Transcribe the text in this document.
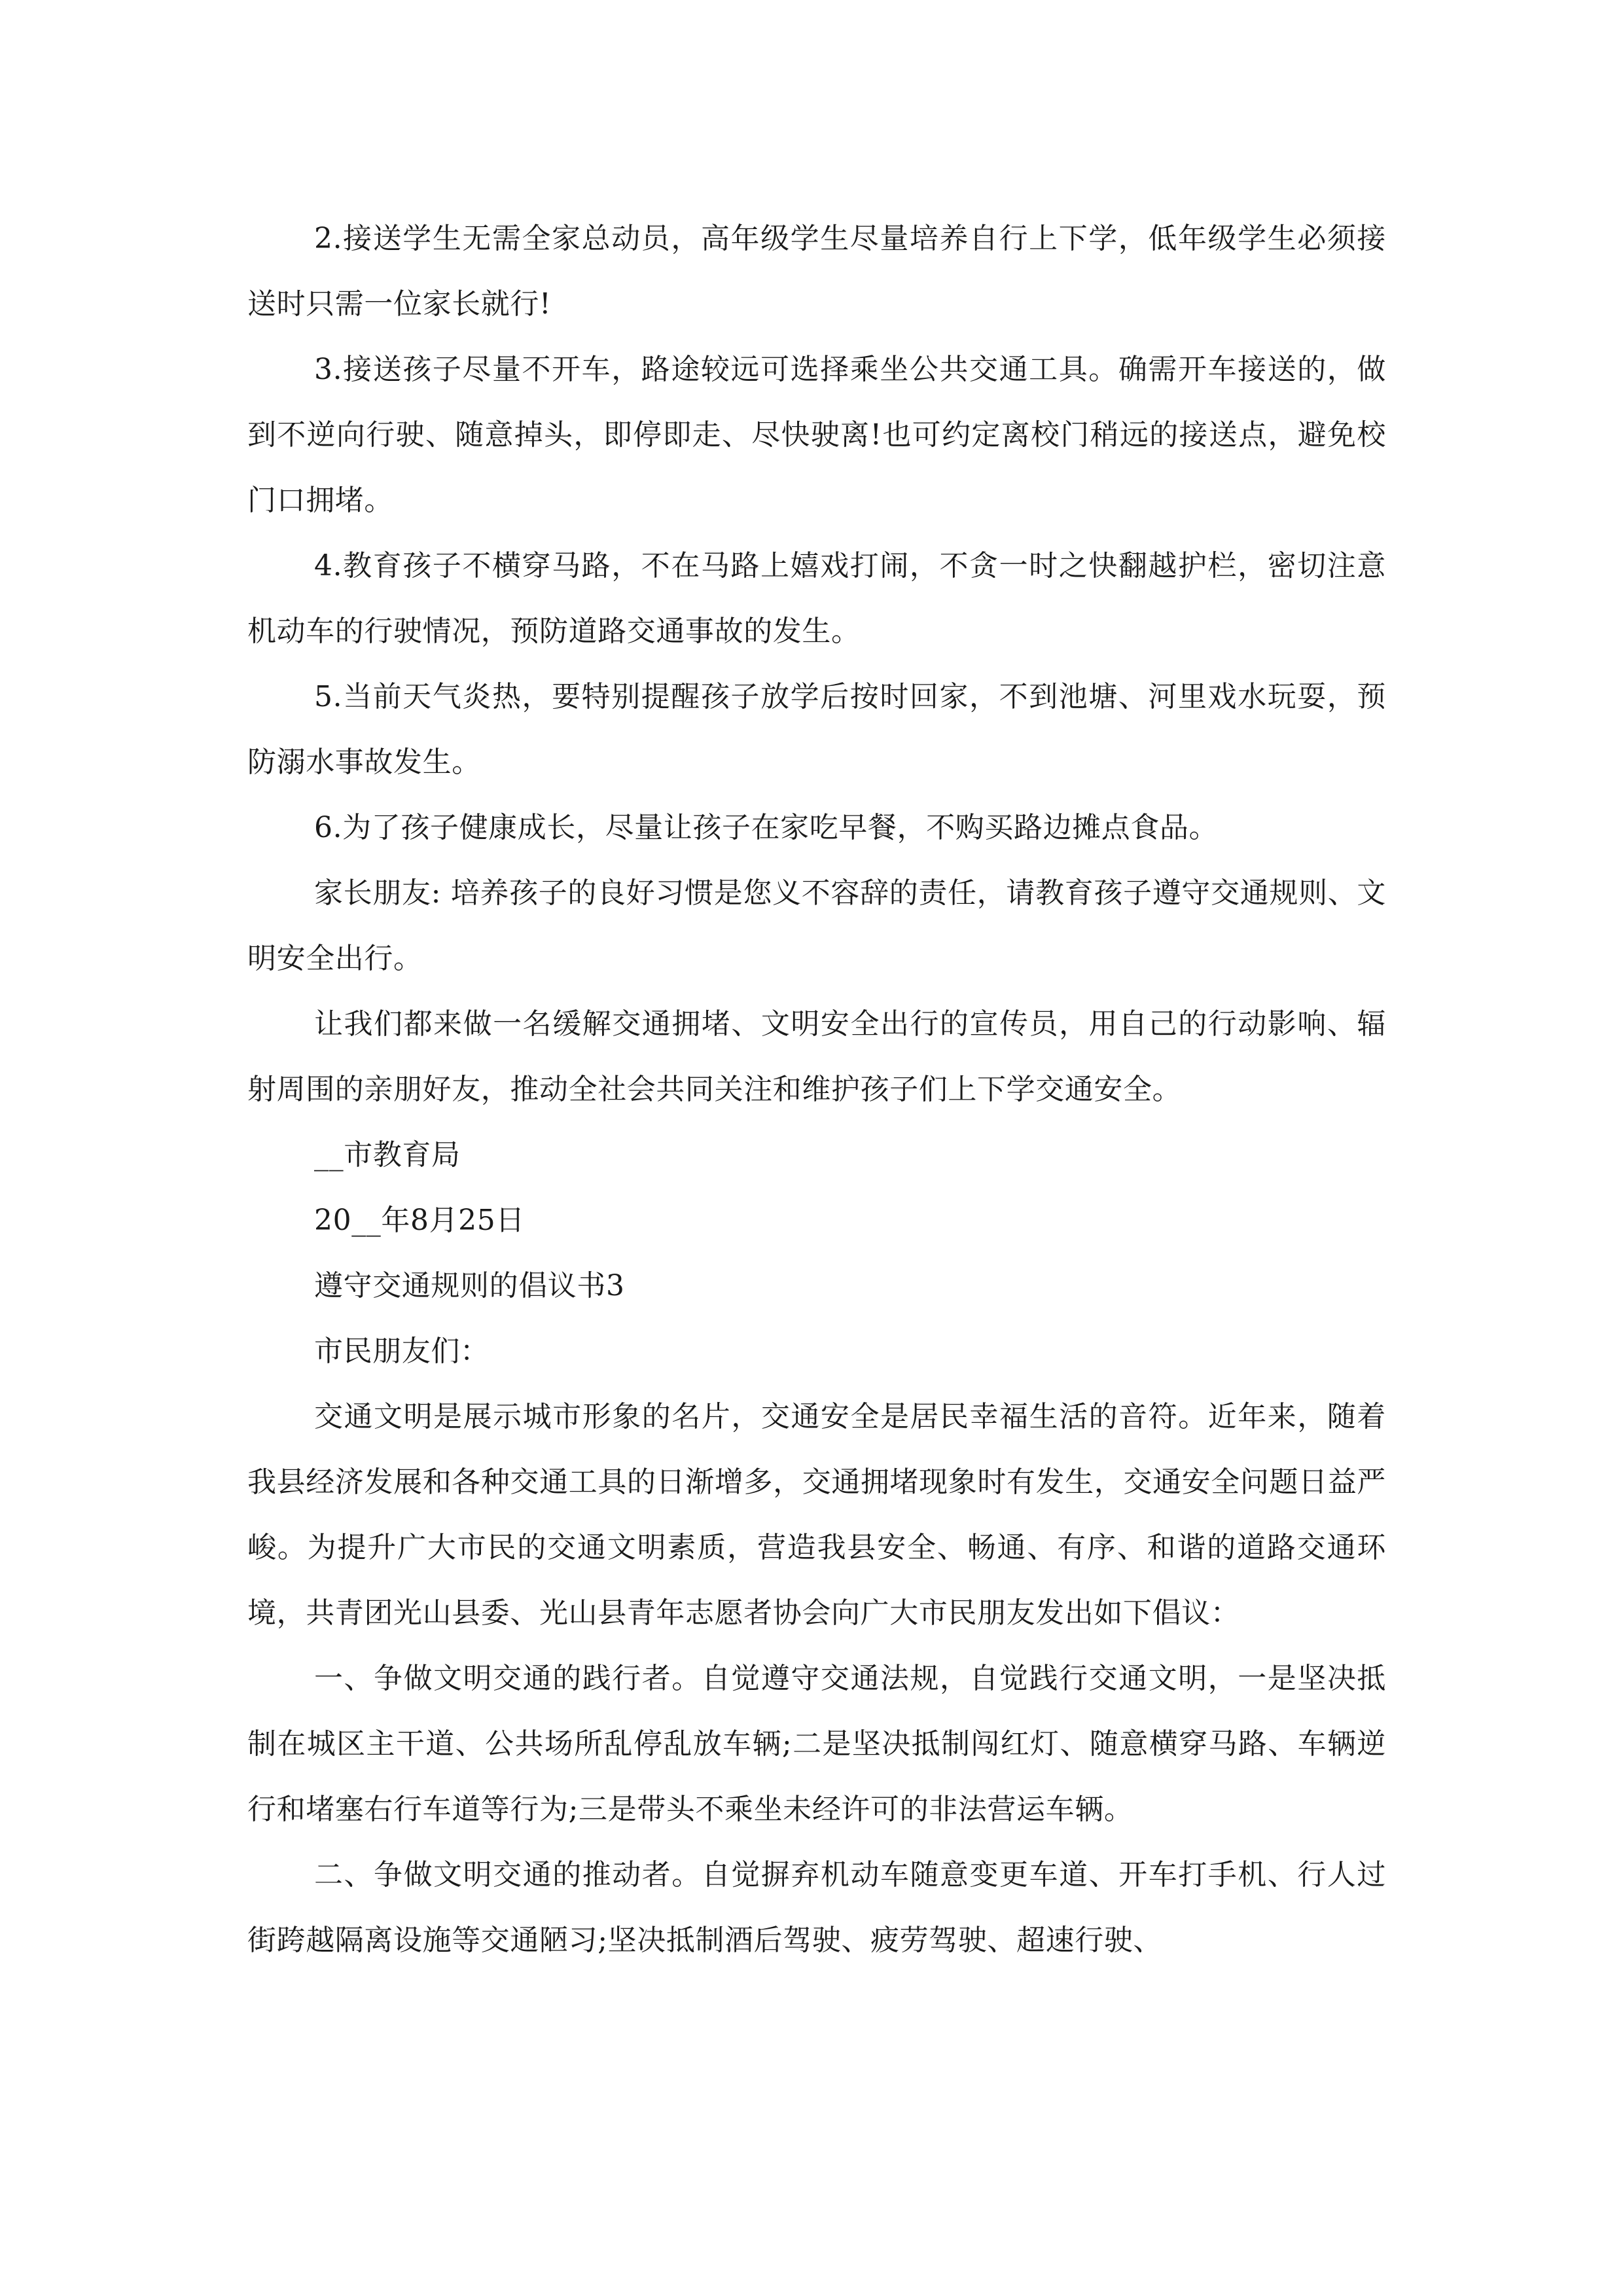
2.接送学生无需全家总动员，高年级学生尽量培养自行上下学，低年级学生必须接送时只需一位家长就行!

3.接送孩子尽量不开车，路途较远可选择乘坐公共交通工具。确需开车接送的，做到不逆向行驶、随意掉头，即停即走、尽快驶离!也可约定离校门稍远的接送点，避免校门口拥堵。

4.教育孩子不横穿马路，不在马路上嬉戏打闹，不贪一时之快翻越护栏，密切注意机动车的行驶情况，预防道路交通事故的发生。

5.当前天气炎热，要特别提醒孩子放学后按时回家，不到池塘、河里戏水玩耍，预防溺水事故发生。

6.为了孩子健康成长，尽量让孩子在家吃早餐，不购买路边摊点食品。

家长朋友: 培养孩子的良好习惯是您义不容辞的责任，请教育孩子遵守交通规则、文明安全出行。

让我们都来做一名缓解交通拥堵、文明安全出行的宣传员，用自己的行动影响、辐射周围的亲朋好友，推动全社会共同关注和维护孩子们上下学交通安全。

__市教育局

20__年8月25日

遵守交通规则的倡议书3

市民朋友们：

交通文明是展示城市形象的名片，交通安全是居民幸福生活的音符。近年来，随着我县经济发展和各种交通工具的日渐增多，交通拥堵现象时有发生，交通安全问题日益严峻。为提升广大市民的交通文明素质，营造我县安全、畅通、有序、和谐的道路交通环境，共青团光山县委、光山县青年志愿者协会向广大市民朋友发出如下倡议：

一、争做文明交通的践行者。自觉遵守交通法规，自觉践行交通文明，一是坚决抵制在城区主干道、公共场所乱停乱放车辆;二是坚决抵制闯红灯、随意横穿马路、车辆逆行和堵塞右行车道等行为;三是带头不乘坐未经许可的非法营运车辆。

二、争做文明交通的推动者。自觉摒弃机动车随意变更车道、开车打手机、行人过街跨越隔离设施等交通陋习;坚决抵制酒后驾驶、疲劳驾驶、超速行驶、
